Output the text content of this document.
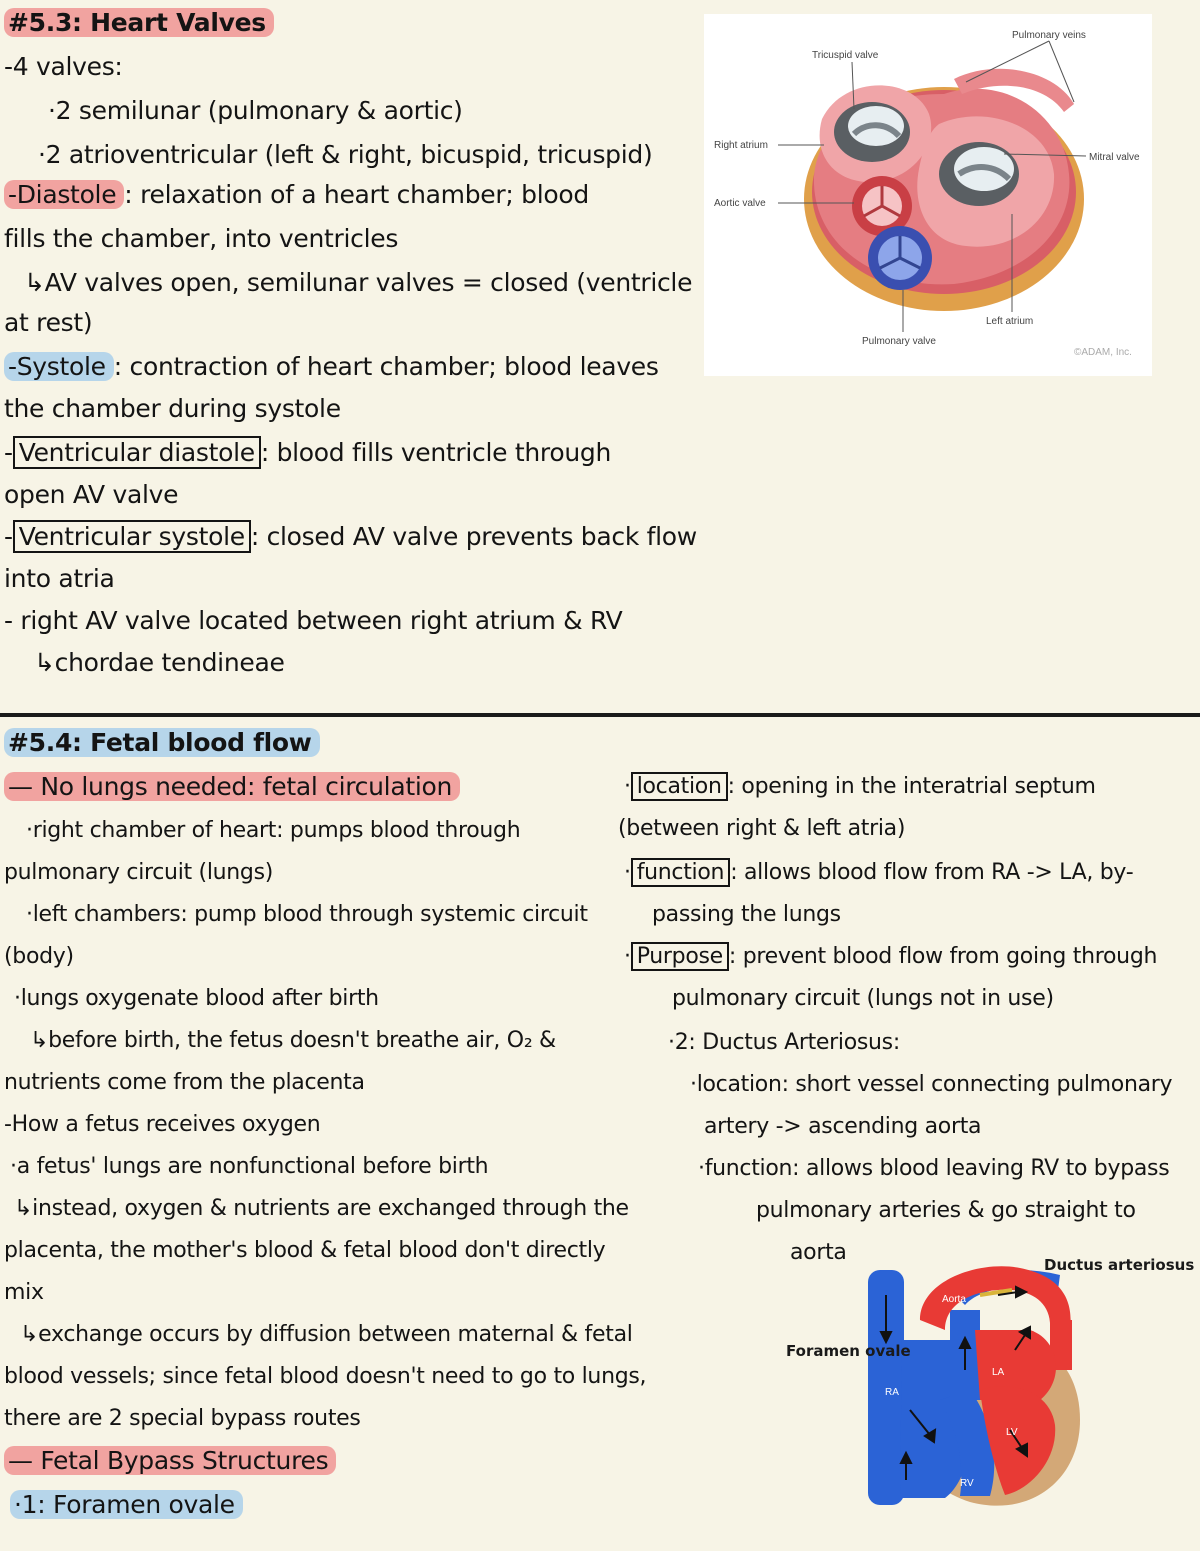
#5.3: Heart Valves
-4 valves:
·2 semilunar (pulmonary & aortic)
·2 atrioventricular (left & right, bicuspid, tricuspid)
-Diastole : relaxation of a heart chamber; blood
fills the chamber, into ventricles
↳AV valves open, semilunar valves = closed (ventricle
at rest)
-Systole : contraction of heart chamber; blood leaves
the chamber during systole
- Ventricular diastole : blood fills ventricle through
open AV valve
- Ventricular systole : closed AV valve prevents back flow
into atria
- right AV valve located between right atrium & RV
↳chordae tendineae
Tricuspid valve
Pulmonary veins
Right atrium
Mitral valve
Aortic valve
Left atrium
Pulmonary valve
©ADAM, Inc.
#5.4: Fetal blood flow
— No lungs needed: fetal circulation
·right chamber of heart: pumps blood through
pulmonary circuit (lungs)
·left chambers: pump blood through systemic circuit
(body)
·lungs oxygenate blood after birth
↳before birth, the fetus doesn't breathe air, O₂ &
nutrients come from the placenta
-How a fetus receives oxygen
·a fetus' lungs are nonfunctional before birth
↳instead, oxygen & nutrients are exchanged through the
placenta, the mother's blood & fetal blood don't directly
mix
↳exchange occurs by diffusion between maternal & fetal
blood vessels; since fetal blood doesn't need to go to lungs,
there are 2 special bypass routes
— Fetal Bypass Structures
·1: Foramen ovale
· location : opening in the interatrial septum
(between right & left atria)
· function : allows blood flow from RA -> LA, by-
passing the lungs
· Purpose : prevent blood flow from going through
pulmonary circuit (lungs not in use)
·2: Ductus Arteriosus:
·location: short vessel connecting pulmonary
artery -> ascending aorta
·function: allows blood leaving RV to bypass
pulmonary arteries & go straight to
aorta
Aorta
RA
LA
LV
RV
Ductus arteriosus
Foramen ovale
